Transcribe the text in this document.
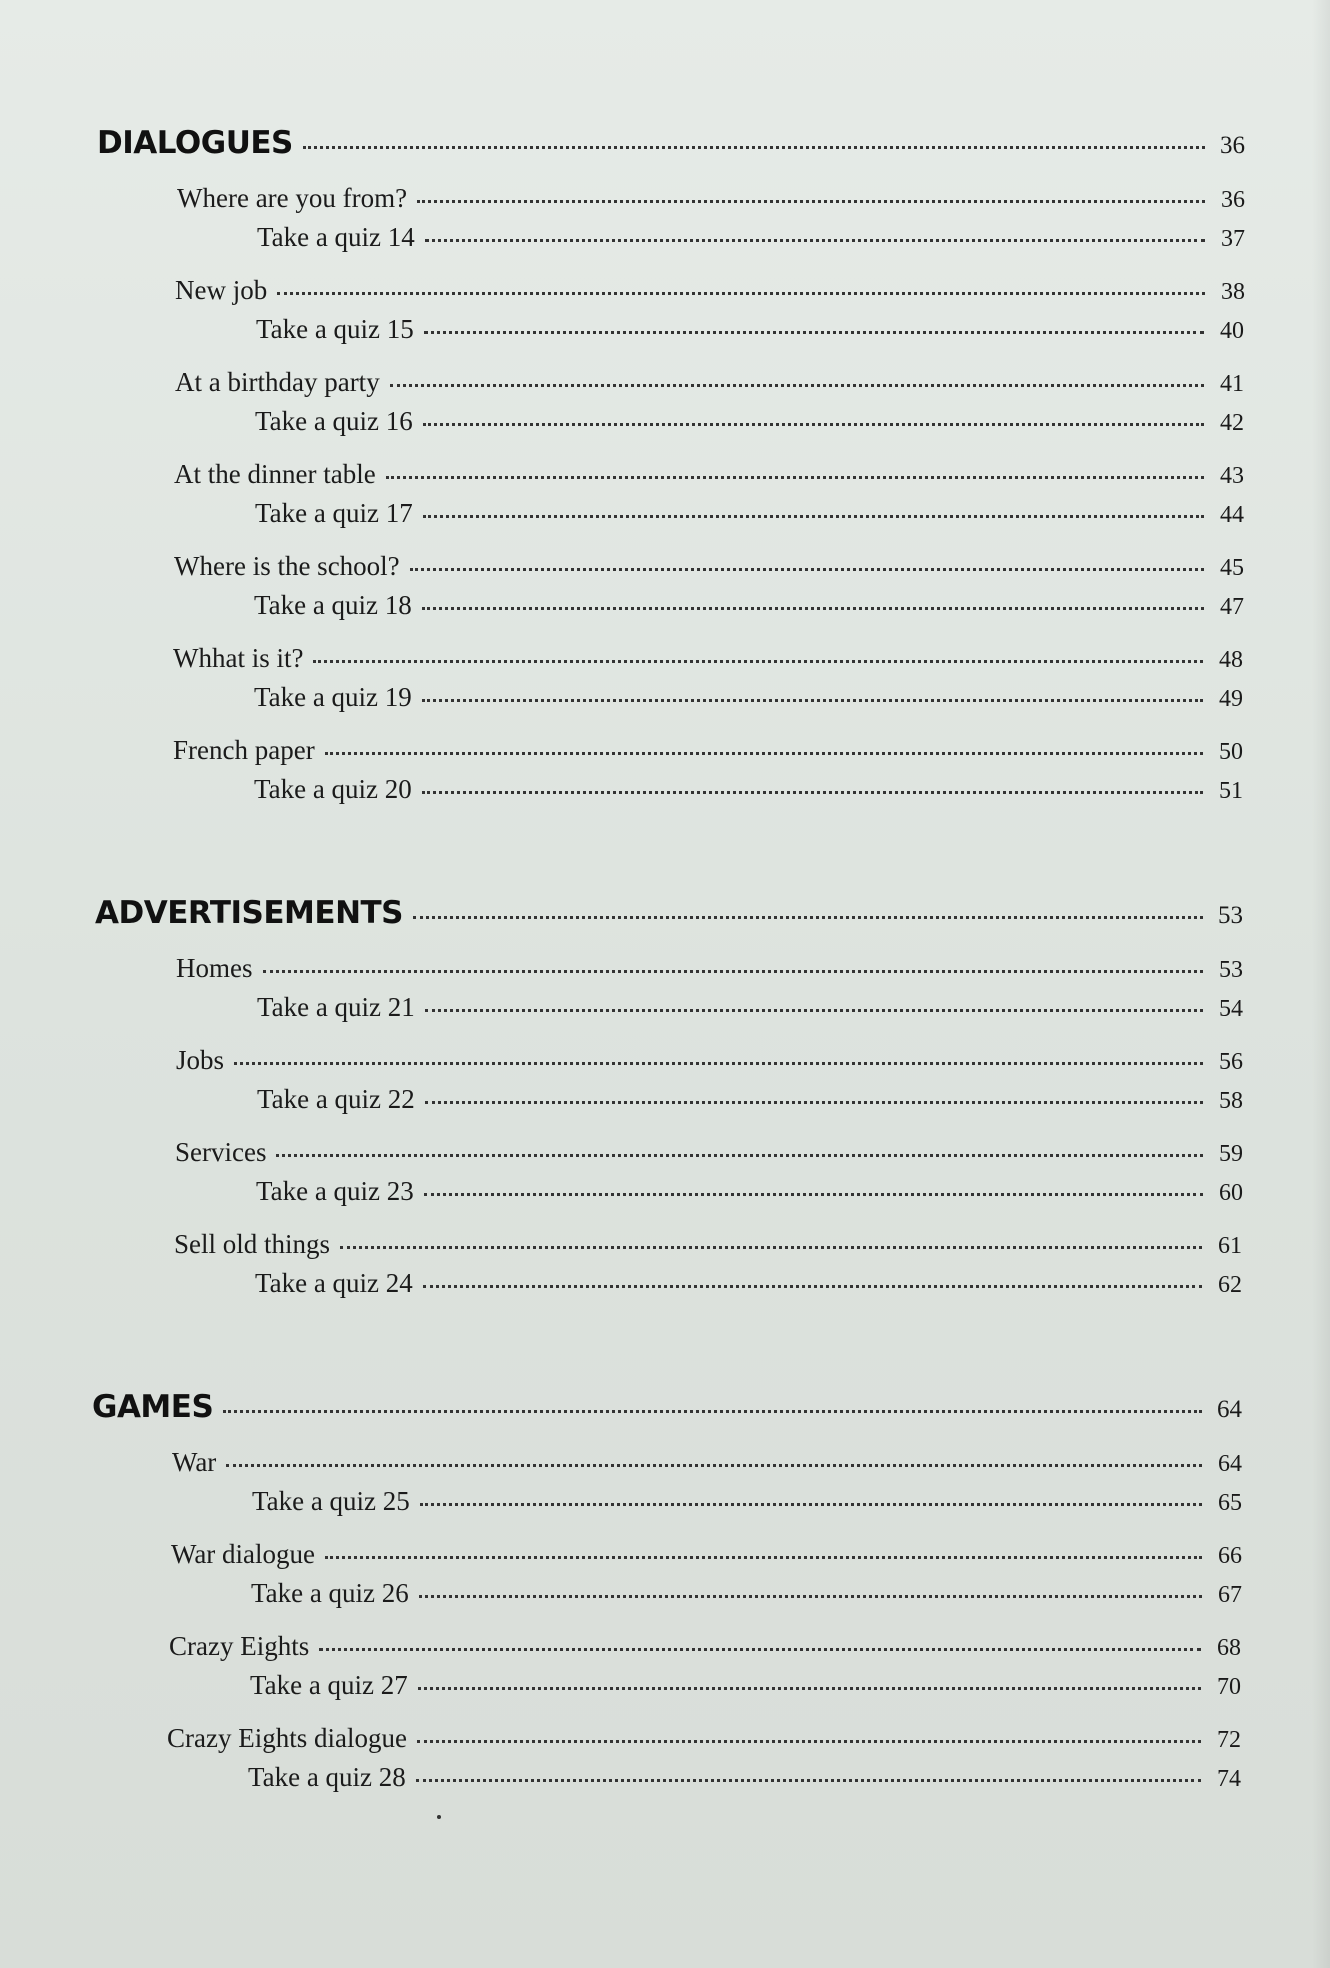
DIALOGUES	36
Where are you from?	36
Take a quiz 14	37
New job	38
Take a quiz 15	40
At a birthday party	41
Take a quiz 16	42
At the dinner table	43
Take a quiz 17	44
Where is the school?	45
Take a quiz 18	47
Whhat is it?	48
Take a quiz 19	49
French paper	50
Take a quiz 20	51
ADVERTISEMENTS	53
Homes	53
Take a quiz 21	54
Jobs	56
Take a quiz 22	58
Services	59
Take a quiz 23	60
Sell old things	61
Take a quiz 24	62
GAMES	64
War	64
Take a quiz 25	65
War dialogue	66
Take a quiz 26	67
Crazy Eights	68
Take a quiz 27	70
Crazy Eights dialogue	72
Take a quiz 28	74
